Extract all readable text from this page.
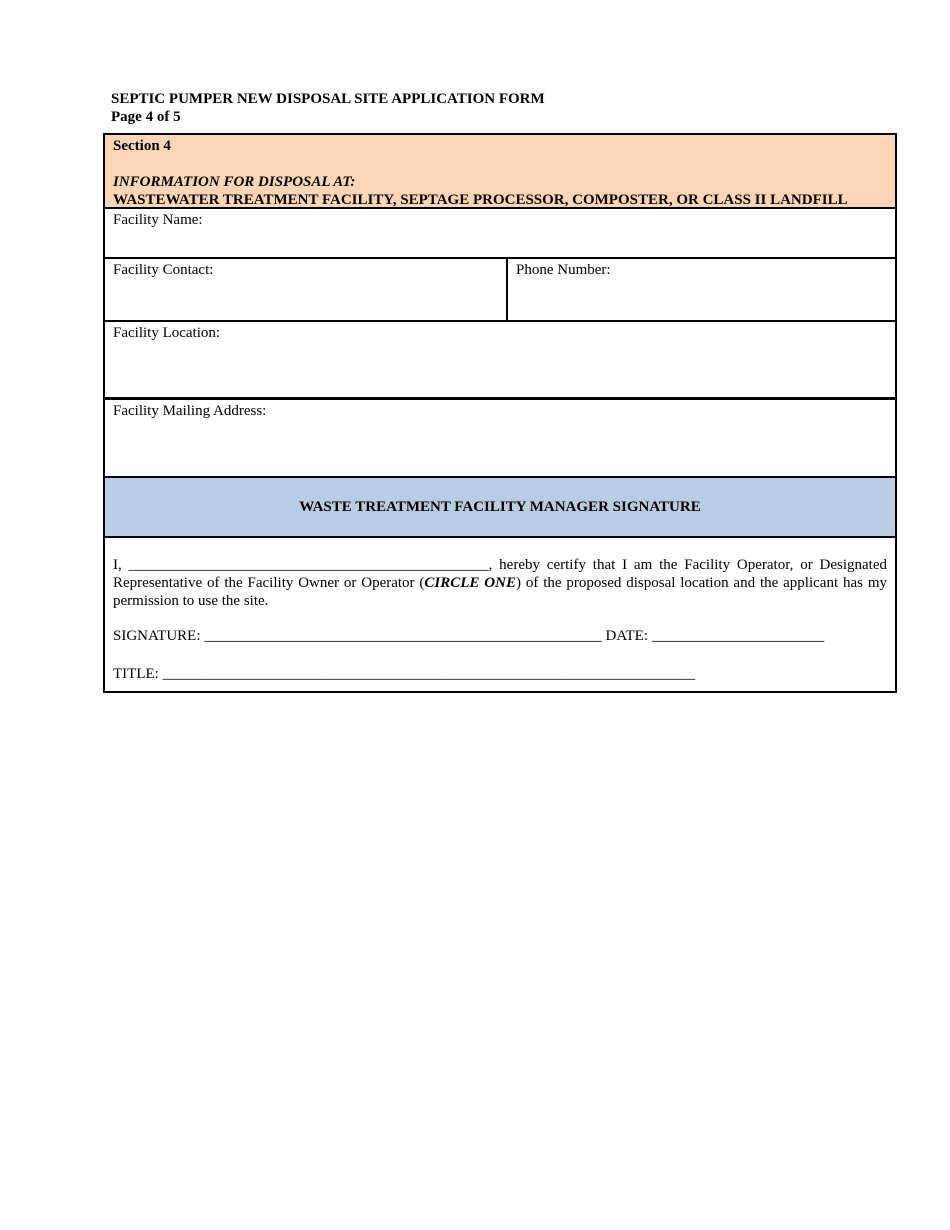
SEPTIC PUMPER NEW DISPOSAL SITE APPLICATION FORM
Page 4 of 5
Section 4
INFORMATION FOR DISPOSAL AT:
WASTEWATER TREATMENT FACILITY, SEPTAGE PROCESSOR, COMPOSTER, OR CLASS II LANDFILL
Facility Name:
Facility Contact:	Phone Number:
Facility Location:
Facility Mailing Address:
WASTE TREATMENT FACILITY MANAGER SIGNATURE
I, ________________________________________________, hereby certify that I am the Facility Operator, or Designated Representative of the Facility Owner or Operator (CIRCLE ONE) of the proposed disposal location and the applicant has my permission to use the site.
SIGNATURE: _____________________________________________________ DATE: _______________________
TITLE: _______________________________________________________________________
